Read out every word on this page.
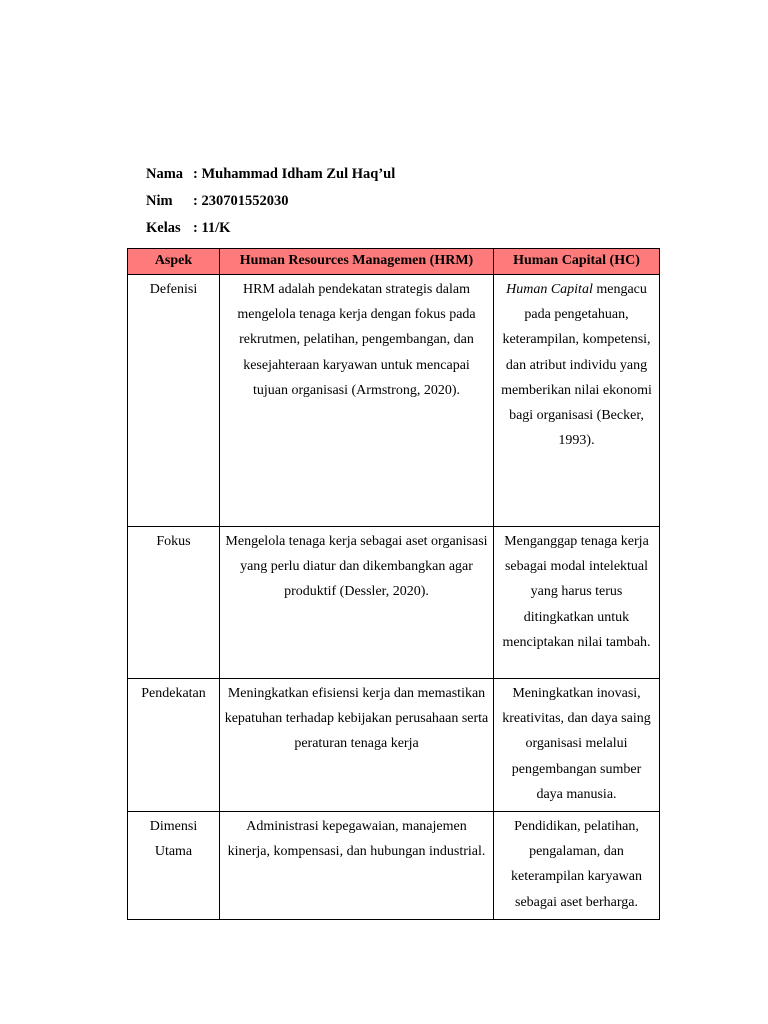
Nama : Muhammad Idham Zul Haq’ul
Nim	: 230701552030
Kelas : 11/K
Aspek	Human Resources Managemen (HRM)	Human Capital (HC)
Defenisi	HRM adalah pendekatan strategis dalam mengelola tenaga kerja dengan fokus pada rekrutmen, pelatihan, pengembangan, dan kesejahteraan karyawan untuk mencapai tujuan organisasi (Armstrong, 2020).	Human Capital mengacu pada pengetahuan, keterampilan, kompetensi, dan atribut individu yang memberikan nilai ekonomi bagi organisasi (Becker, 1993).
Fokus	Mengelola tenaga kerja sebagai aset organisasi yang perlu diatur dan dikembangkan agar produktif (Dessler, 2020).	Menganggap tenaga kerja sebagai modal intelektual yang harus terus ditingkatkan untuk menciptakan nilai tambah.
Pendekatan	Meningkatkan efisiensi kerja dan memastikan kepatuhan terhadap kebijakan perusahaan serta peraturan tenaga kerja	Meningkatkan inovasi, kreativitas, dan daya saing organisasi melalui pengembangan sumber daya manusia.
Dimensi Utama	Administrasi kepegawaian, manajemen kinerja, kompensasi, dan hubungan industrial.	Pendidikan, pelatihan, pengalaman, dan keterampilan karyawan sebagai aset berharga.
